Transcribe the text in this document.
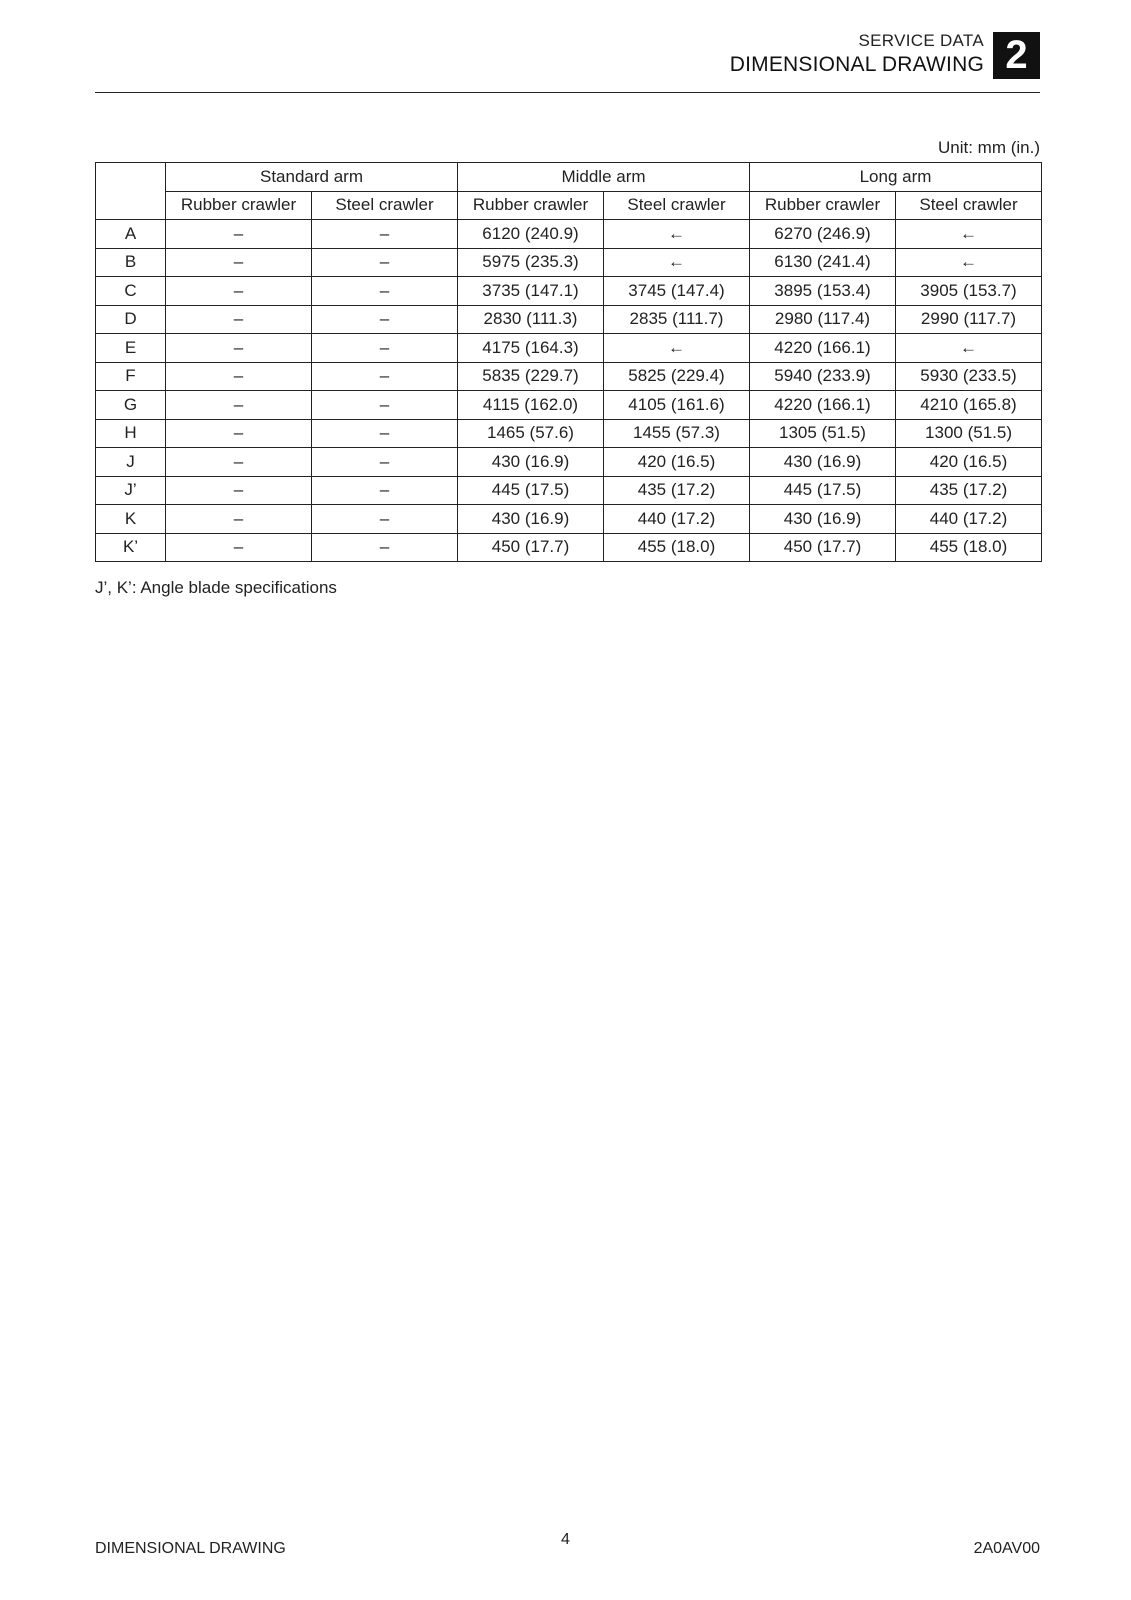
SERVICE DATA
DIMENSIONAL DRAWING 2
Unit: mm (in.)
	Standard arm		Middle arm		Long arm	
	Rubber crawler	Steel crawler	Rubber crawler	Steel crawler	Rubber crawler	Steel crawler
A	–	–	6120 (240.9)	←	6270 (246.9)	←
B	–	–	5975 (235.3)	←	6130 (241.4)	←
C	–	–	3735 (147.1)	3745 (147.4)	3895 (153.4)	3905 (153.7)
D	–	–	2830 (111.3)	2835 (111.7)	2980 (117.4)	2990 (117.7)
E	–	–	4175 (164.3)	←	4220 (166.1)	←
F	–	–	5835 (229.7)	5825 (229.4)	5940 (233.9)	5930 (233.5)
G	–	–	4115 (162.0)	4105 (161.6)	4220 (166.1)	4210 (165.8)
H	–	–	1465 (57.6)	1455 (57.3)	1305 (51.5)	1300 (51.5)
J	–	–	430 (16.9)	420 (16.5)	430 (16.9)	420 (16.5)
J’	–	–	445 (17.5)	435 (17.2)	445 (17.5)	435 (17.2)
K	–	–	430 (16.9)	440 (17.2)	430 (16.9)	440 (17.2)
K’	–	–	450 (17.7)	455 (18.0)	450 (17.7)	455 (18.0)
J’, K’: Angle blade specifications
DIMENSIONAL DRAWING
4
2A0AV00
